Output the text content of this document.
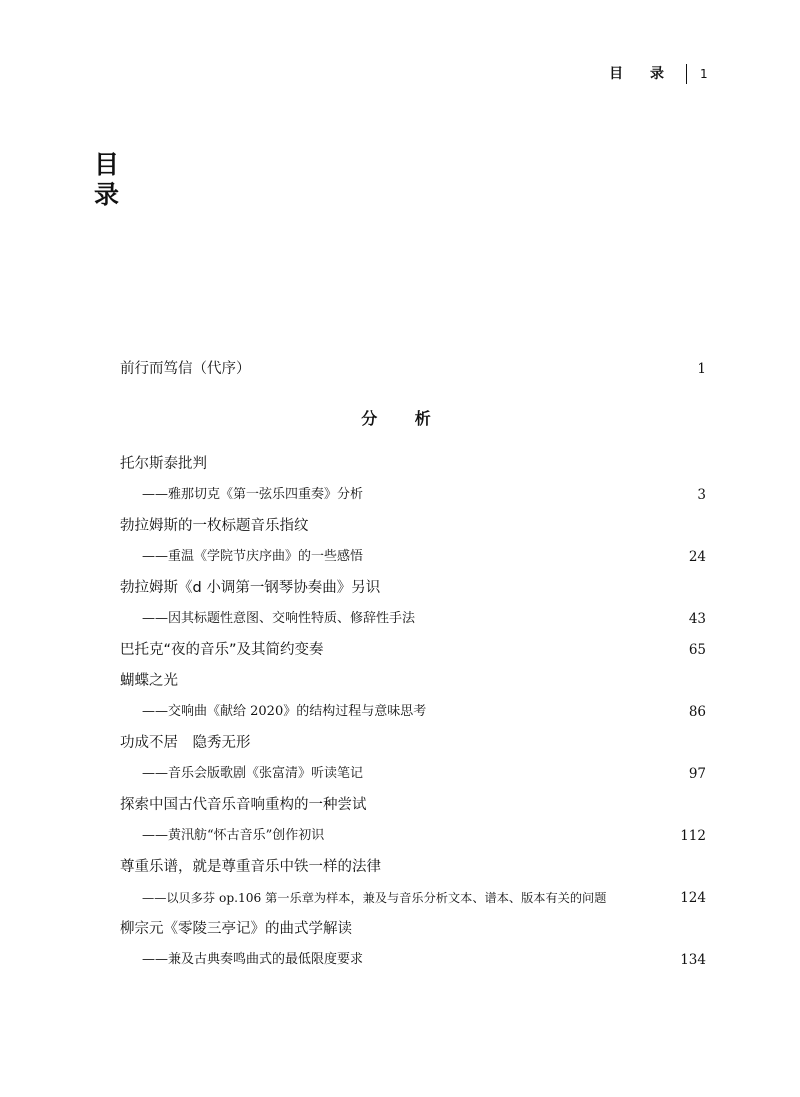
目 录 1
目
录
前行而笃信（代序）	1
分 析
托尔斯泰批判
——雅那切克《第一弦乐四重奏》分析	3
勃拉姆斯的一枚标题音乐指纹
——重温《学院节庆序曲》的一些感悟	24
勃拉姆斯《d 小调第一钢琴协奏曲》另识
——因其标题性意图、交响性特质、修辞性手法	43
巴托克“夜的音乐”及其简约变奏	65
蝴蝶之光
——交响曲《献给 2020》的结构过程与意味思考	86
功成不居　隐秀无形
——音乐会版歌剧《张富清》听读笔记	97
探索中国古代音乐音响重构的一种尝试
——黄汛舫“怀古音乐”创作初识	112
尊重乐谱，就是尊重音乐中铁一样的法律
——以贝多芬 op.106 第一乐章为样本，兼及与音乐分析文本、谱本、版本有关的问题	124
柳宗元《零陵三亭记》的曲式学解读
——兼及古典奏鸣曲式的最低限度要求	134
